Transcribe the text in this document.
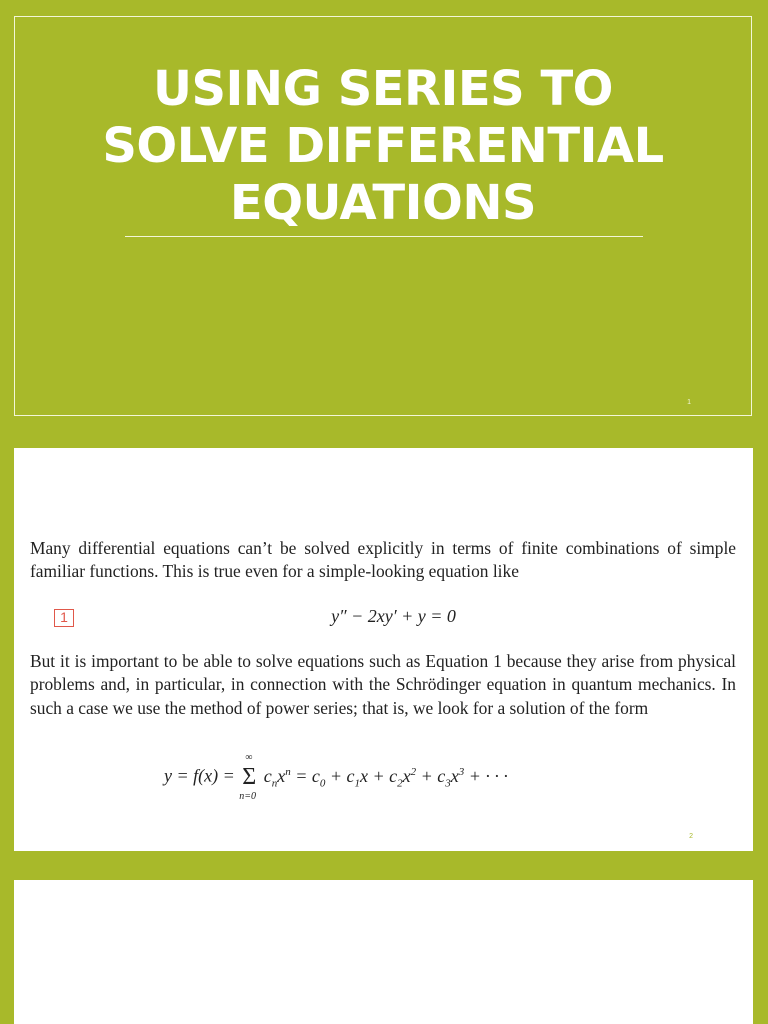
USING SERIES TO
SOLVE DIFFERENTIAL
EQUATIONS
1
Many differential equations can’t be solved explicitly in terms of finite combinations of simple familiar functions. This is true even for a simple-looking equation like
1	y″ − 2xy′ + y = 0
But it is important to be able to solve equations such as Equation 1 because they arise from physical problems and, in particular, in connection with the Schrödinger equation in quantum mechanics. In such a case we use the method of power series; that is, we look for a solution of the form
y = f(x) = Σ
∞
n=0
$c_nx^n = c_0 + c_1x + c_2x^2 + c_3x^3$ + · · ·
2
